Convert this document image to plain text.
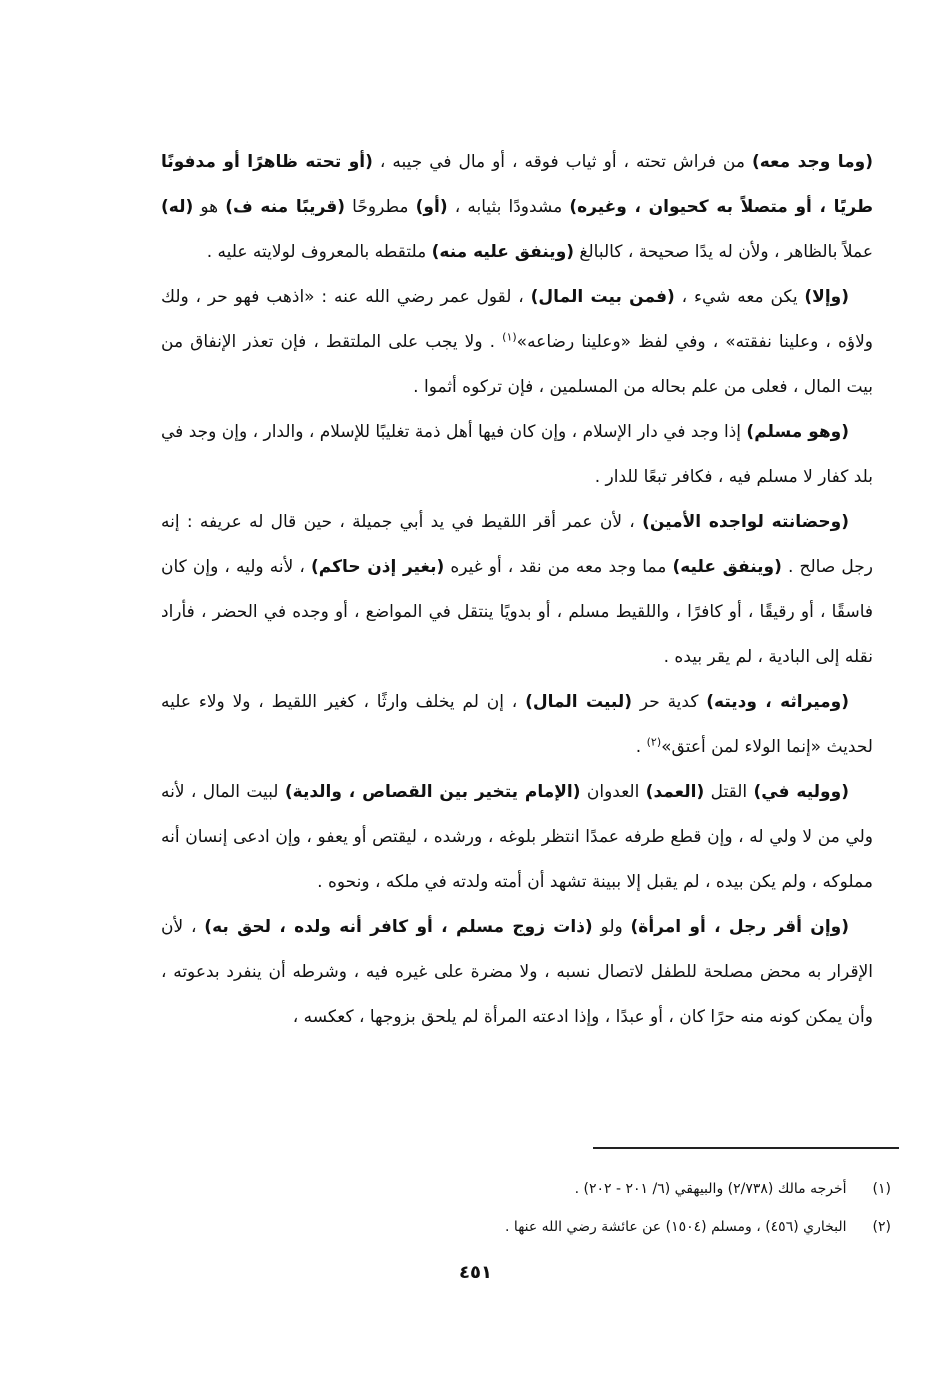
(وما وجد معه) من فراش تحته ، أو ثياب فوقه ، أو مال في جيبه ، (أو تحته ظاهرًا أو مدفونًا طريًا ، أو متصلاً به كحيوان ، وغيره) مشدودًا بثيابه ، (أو) مطروحًا (قريبًا منه ف) هو (له) عملاً بالظاهر ، ولأن له يدًا صحيحة ، كالبالغ (وينفق عليه منه) ملتقطه بالمعروف لولايته عليه .

(وإلا) يكن معه شيء ، (فمن بيت المال) ، لقول عمر رضي الله عنه : «اذهب فهو حر ، ولك ولاؤه ، وعلينا نفقته» ، وفي لفظ «وعلينا رضاعه»$^{(١)}$ . ولا يجب على الملتقط ، فإن تعذر الإنفاق من بيت المال ، فعلى من علم بحاله من المسلمين ، فإن تركوه أثموا .

(وهو مسلم) إذا وجد في دار الإسلام ، وإن كان فيها أهل ذمة تغليبًا للإسلام ، والدار ، وإن وجد في بلد كفار لا مسلم فيه ، فكافر تبعًا للدار .

(وحضانته لواجده الأمين) ، لأن عمر أقر اللقيط في يد أبي جميلة ، حين قال له عريفه : إنه رجل صالح . (وينفق عليه) مما وجد معه من نقد ، أو غيره (بغير إذن حاكم) ، لأنه وليه ، وإن كان فاسقًا ، أو رقيقًا ، أو كافرًا ، واللقيط مسلم ، أو بدويًا ينتقل في المواضع ، أو وجده في الحضر ، فأراد نقله إلى البادية ، لم يقر بيده .

(وميراثه ، وديته) كدية حر (لبيت المال) ، إن لم يخلف وارثًا ، كغير اللقيط ، ولا ولاء عليه لحديث «إنما الولاء لمن أعتق»$^{(٢)}$ .

(ووليه في) القتل (العمد) العدوان (الإمام يتخير بين القصاص ، والدية) لبيت المال ، لأنه ولي من لا ولي له ، وإن قطع طرفه عمدًا انتظر بلوغه ، ورشده ، ليقتص أو يعفو ، وإن ادعى إنسان أنه مملوكه ، ولم يكن بيده ، لم يقبل إلا ببينة تشهد أن أمته ولدته في ملكه ، ونحوه .

(وإن أقر رجل ، أو امرأة) ولو (ذات زوج مسلم ، أو كافر أنه ولده ، لحق به) ، لأن الإقرار به محض مصلحة للطفل لاتصال نسبه ، ولا مضرة على غيره فيه ، وشرطه أن ينفرد بدعوته ، وأن يمكن كونه منه حرًا كان ، أو عبدًا ، وإذا ادعته المرأة لم يلحق بزوجها ، كعكسه ،

(١) أخرجه مالك (٢/٧٣٨) والبيهقي (٦/ ٢٠١ - ٢٠٢) .

(٢) البخاري (٤٥٦) ، ومسلم (١٥٠٤) عن عائشة رضي الله عنها .

٤٥١
